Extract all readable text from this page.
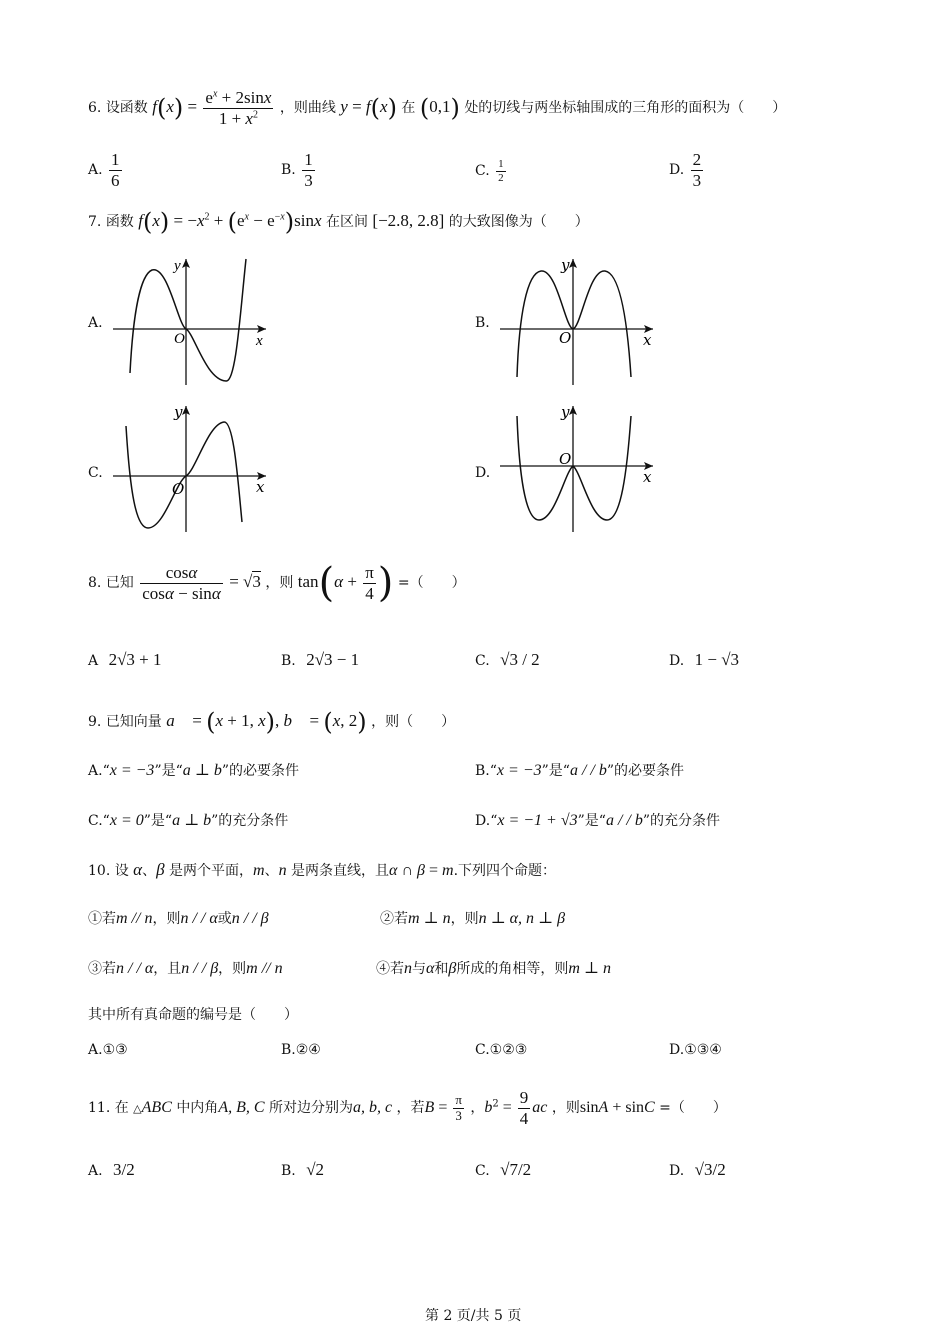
6. 设函数 $f(x) = \frac{e^x + 2\sin x}{1 + x^2}$ ，则曲线 y = f(x) 在 (0,1) 处的切线与两坐标轴围成的三角形的面积为（　　）
A. $\frac{1}{6}$	B. $\frac{1}{3}$	C. $\frac{1}{2}$	D. $\frac{2}{3}$
7. 函数 $f(x) = -x^2 + (e^x - e^{-x})\sin x$ 在区间 [−2.8, 2.8] 的大致图像为（　　）
A.
O	x
y
B.
O	x
y
C.
O	x
y
D.
O
x
y
8. 已知 $\frac{\cos\alpha}{\cos\alpha - \sin\alpha} = √3$ ，则 $\tan(\alpha + \frac{\pi}{4}$ ) =（　　）
A 2√3 + 1	B. 2√3 − 1	C. √3 / 2	D. 1 − √3
9. 已知向量 a⃗ = (x + 1, x), b⃗ = (x, 2) ，则（　　）
A.“x = −3”是“a ⊥ b”的必要条件	B.“x = −3”是“a / / b”的必要条件
C.“x = 0”是“a ⊥ b”的充分条件	D.“x = −1 + √3”是“a / / b”的充分条件
10. 设 α、β 是两个平面，m、n 是两条直线，且α ∩ β = m.下列四个命题：
①若m // n，则n / / α或n / / β	②若m ⊥ n，则n ⊥ α, n ⊥ β
③若n / / α，且n / / β，则m // n	④若n与α和β所成的角相等，则m ⊥ n
其中所有真命题的编号是（　　）
A.①③	B.②④	C.①②③	D.①③④
11. 在 △ABC 中内角A, B, C 所对边分别为a, b, c ，若$B = \frac{\pi}{3}$ ，$b^2 = \frac{9}{4}$ ac ，则sinA + sinC =（　　）
A. 3/2	B. √2	C. √7/2	D. √3/2
第 2 页/共 5 页
